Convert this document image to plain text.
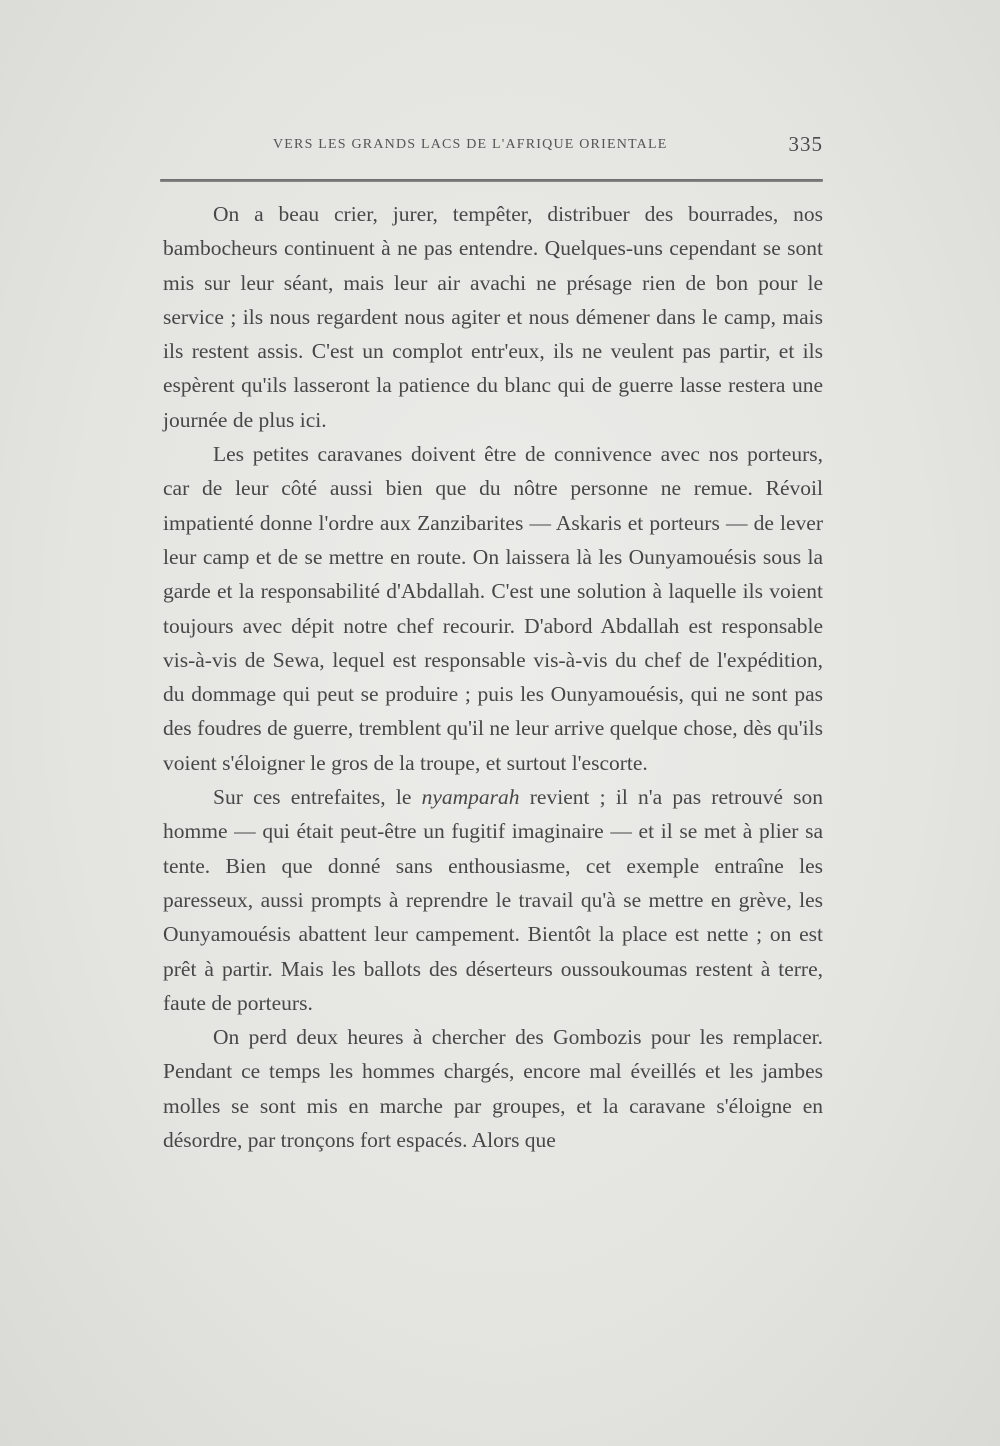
VERS LES GRANDS LACS DE L'AFRIQUE ORIENTALE	335

On a beau crier, jurer, tempêter, distribuer des bourrades, nos bambocheurs continuent à ne pas entendre. Quelques-uns cependant se sont mis sur leur séant, mais leur air avachi ne présage rien de bon pour le service ; ils nous regardent nous agiter et nous démener dans le camp, mais ils restent assis. C'est un complot entr'eux, ils ne veulent pas partir, et ils espèrent qu'ils lasseront la patience du blanc qui de guerre lasse restera une journée de plus ici.

Les petites caravanes doivent être de connivence avec nos porteurs, car de leur côté aussi bien que du nôtre personne ne remue. Révoil impatienté donne l'ordre aux Zanzibarites — Askaris et porteurs — de lever leur camp et de se mettre en route. On laissera là les Ounyamouésis sous la garde et la responsabilité d'Abdallah. C'est une solution à laquelle ils voient toujours avec dépit notre chef recourir. D'abord Abdallah est responsable vis-à-vis de Sewa, lequel est responsable vis-à-vis du chef de l'expédition, du dommage qui peut se produire ; puis les Ounyamouésis, qui ne sont pas des foudres de guerre, tremblent qu'il ne leur arrive quelque chose, dès qu'ils voient s'éloigner le gros de la troupe, et surtout l'escorte.

Sur ces entrefaites, le nyamparah revient ; il n'a pas retrouvé son homme — qui était peut-être un fugitif imaginaire — et il se met à plier sa tente. Bien que donné sans enthousiasme, cet exemple entraîne les paresseux, aussi prompts à reprendre le travail qu'à se mettre en grève, les Ounyamouésis abattent leur campement. Bientôt la place est nette ; on est prêt à partir. Mais les ballots des déserteurs oussoukoumas restent à terre, faute de porteurs.

On perd deux heures à chercher des Gombozis pour les remplacer. Pendant ce temps les hommes chargés, encore mal éveillés et les jambes molles se sont mis en marche par groupes, et la caravane s'éloigne en désordre, par tronçons fort espacés. Alors que
